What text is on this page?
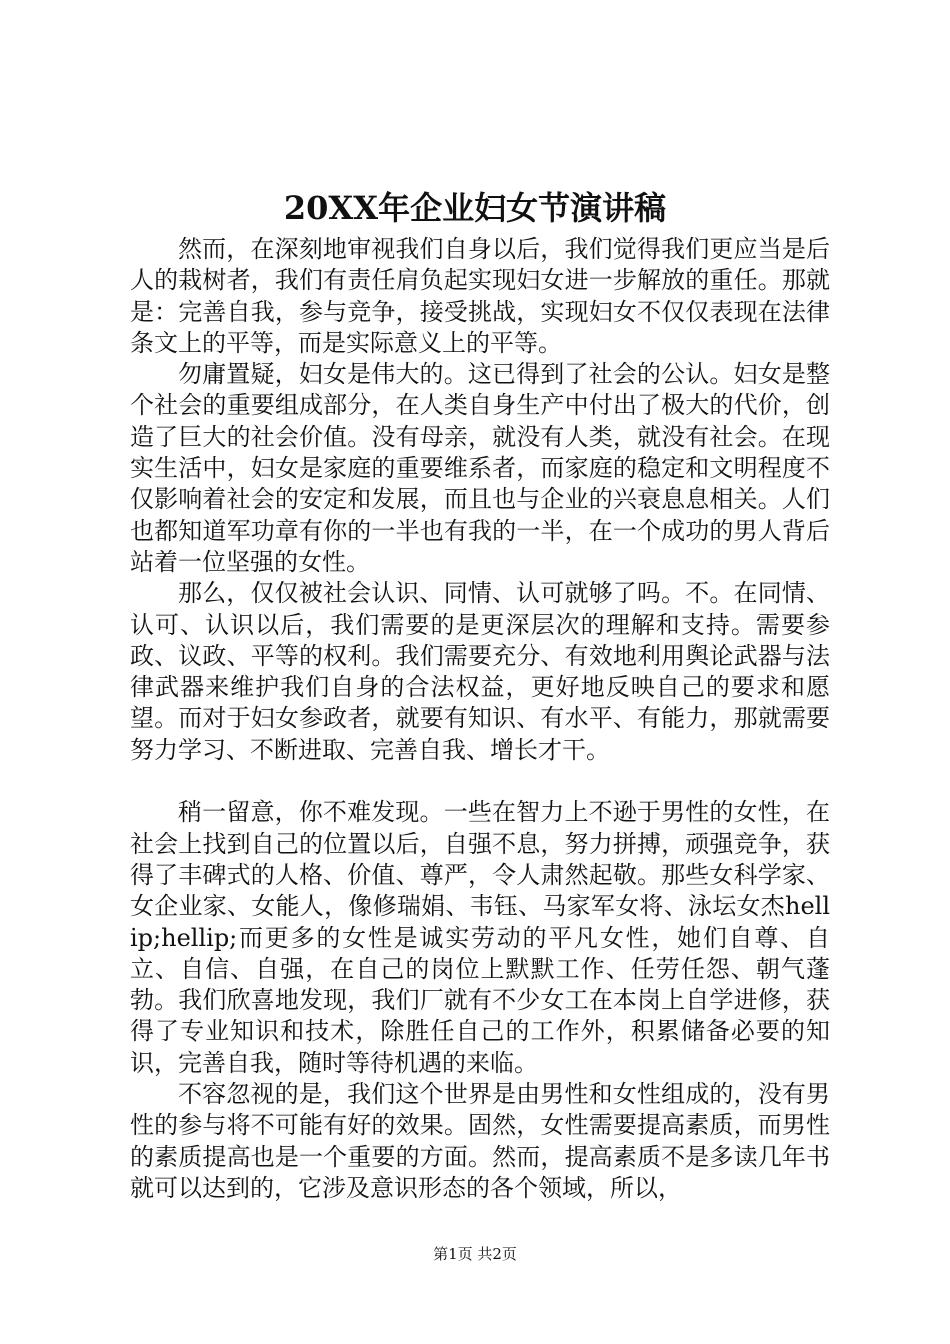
20XX年企业妇女节演讲稿

然而，在深刻地审视我们自身以后，我们觉得我们更应当是后人的栽树者，我们有责任肩负起实现妇女进一步解放的重任。那就是：完善自我，参与竞争，接受挑战，实现妇女不仅仅表现在法律条文上的平等，而是实际意义上的平等。

勿庸置疑，妇女是伟大的。这已得到了社会的公认。妇女是整个社会的重要组成部分，在人类自身生产中付出了极大的代价，创造了巨大的社会价值。没有母亲，就没有人类，就没有社会。在现实生活中，妇女是家庭的重要维系者，而家庭的稳定和文明程度不仅影响着社会的安定和发展，而且也与企业的兴衰息息相关。人们也都知道军功章有你的一半也有我的一半，在一个成功的男人背后站着一位坚强的女性。

那么，仅仅被社会认识、同情、认可就够了吗。不。在同情、认可、认识以后，我们需要的是更深层次的理解和支持。需要参政、议政、平等的权利。我们需要充分、有效地利用舆论武器与法律武器来维护我们自身的合法权益，更好地反映自己的要求和愿望。而对于妇女参政者，就要有知识、有水平、有能力，那就需要努力学习、不断进取、完善自我、增长才干。

稍一留意，你不难发现。一些在智力上不逊于男性的女性，在社会上找到自己的位置以后，自强不息，努力拼搏，顽强竞争，获得了丰碑式的人格、价值、尊严，令人肃然起敬。那些女科学家、女企业家、女能人，像修瑞娟、韦钰、马家军女将、泳坛女杰hellip;hellip;而更多的女性是诚实劳动的平凡女性，她们自尊、自立、自信、自强，在自己的岗位上默默工作、任劳任怨、朝气蓬勃。我们欣喜地发现，我们厂就有不少女工在本岗上自学进修，获得了专业知识和技术，除胜任自己的工作外，积累储备必要的知识，完善自我，随时等待机遇的来临。

不容忽视的是，我们这个世界是由男性和女性组成的，没有男性的参与将不可能有好的效果。固然，女性需要提高素质，而男性的素质提高也是一个重要的方面。然而，提高素质不是多读几年书就可以达到的，它涉及意识形态的各个领域，所以，

第1页 共2页
